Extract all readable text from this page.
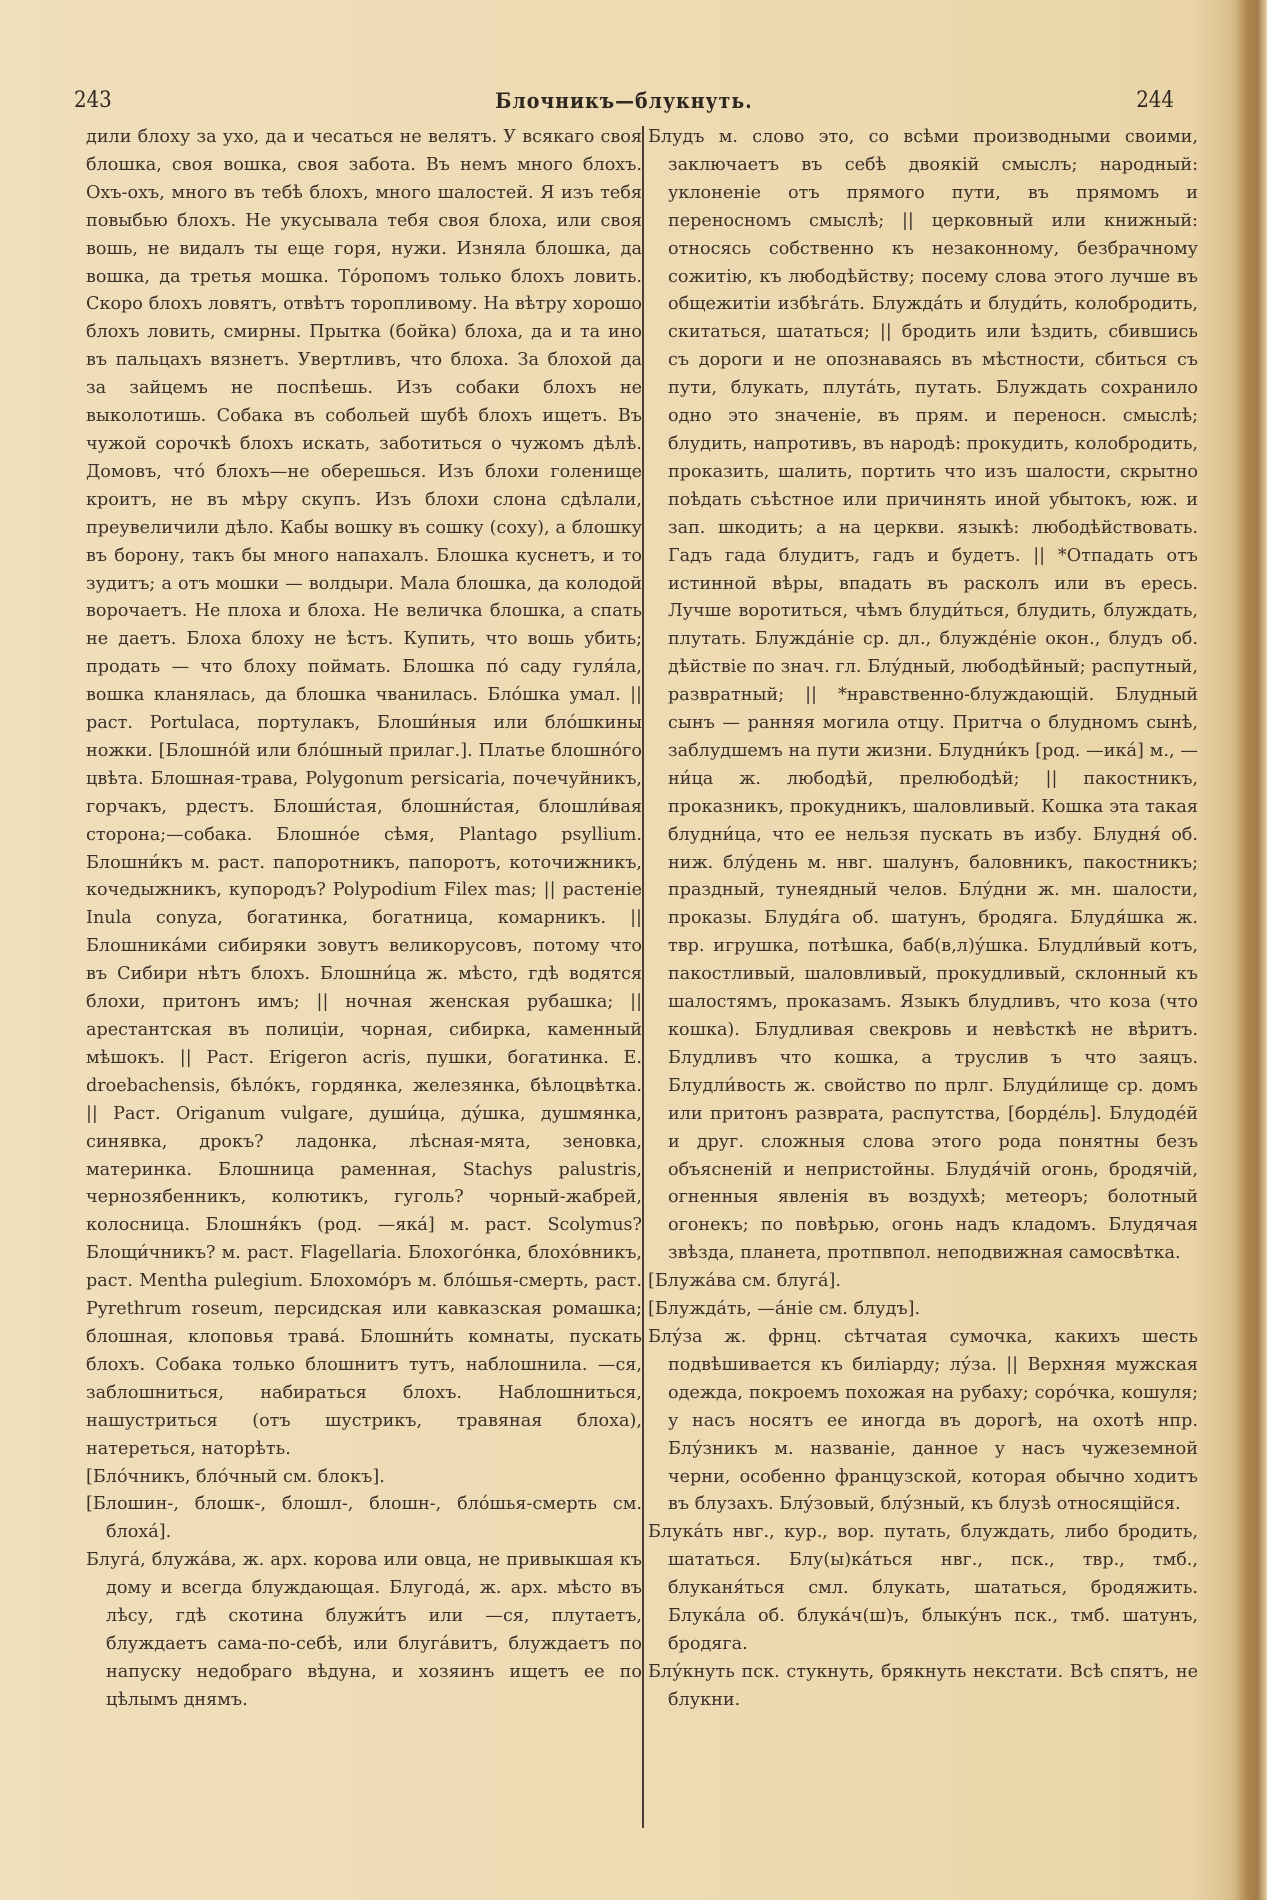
243	Блочникъ—блукнуть.	244

дили блоху за ухо, да и чесаться не велятъ. У всякаго своя блошка, своя вошка, своя забота. Въ немъ много блохъ. Охъ-охъ, много въ тебѣ блохъ, много шалостей. Я изъ тебя повыбью блохъ. Не укусывала тебя своя блоха, или своя вошь, не видалъ ты еще горя, нужи. Изняла блошка, да вошка, да третья мошка. То́ропомъ только блохъ ловить. Скоро блохъ ловятъ, отвѣтъ торопливому. На вѣтру хорошо блохъ ловить, смирны. Прытка (бойка) блоха, да и та ино въ пальцахъ вязнетъ. Увертливъ, что блоха. За блохой да за зайцемъ не поспѣешь. Изъ собаки блохъ не выколотишь. Собака въ собольей шубѣ блохъ ищетъ. Въ чужой сорочкѣ блохъ искать, заботиться о чужомъ дѣлѣ. Домовъ, что́ блохъ—не оберешься. Изъ блохи голенище кроитъ, не въ мѣру скупъ. Изъ блохи слона сдѣлали, преувеличили дѣло. Кабы вошку въ сошку (соху), а блошку въ борону, такъ бы много напахалъ. Блошка куснетъ, и то зудитъ; а отъ мошки — волдыри. Мала блошка, да колодой ворочаетъ. Не плоха и блоха. Не величка блошка, а спать не даетъ. Блоха блоху не ѣстъ. Купить, что вошь убить; продать — что блоху поймать. Блошка по́ саду гуля́ла, вошка кланялась, да блошка чванилась. Бло́шка умал. || раст. Portulaca, портулакъ, Блоши́ныя или бло́шкины ножки. [Блошно́й или бло́шный прилаг.]. Платье блошно́го цвѣта. Блошная-трава, Polygonum persicaria, почечуйникъ, горчакъ, рдестъ. Блоши́стая, блошни́стая, блошли́вая сторона;—собака. Блошно́е сѣмя, Plantago psyllium. Блошни́къ м. раст. папоротникъ, папоротъ, коточижникъ, кочедыжникъ, купородъ? Polypodium Filex mas; || растеніе Inula conyza, богатинка, богатница, комарникъ. || Блошника́ми сибиряки зовутъ великорусовъ, потому что въ Сибири нѣтъ блохъ. Блошни́ца ж. мѣсто, гдѣ водятся блохи, притонъ имъ; || ночная женская рубашка; || арестантская въ полиціи, чорная, сибирка, каменный мѣшокъ. || Раст. Erigeron acris, пушки, богатинка. E. droebachensis, бѣло́къ, гордянка, железянка, бѣлоцвѣтка. || Раст. Origanum vulgare, души́ца, ду́шка, душмянка, синявка, дрокъ? ладонка, лѣсная-мята, зеновка, материнка. Блошница раменная, Stachys palustris, чернозябенникъ, колютикъ, гуголь? чорный-жабрей, колосница. Блошня́къ (род. —яка́] м. раст. Scolymus? Блощи́чникъ? м. раст. Flagellaria. Блохого́нка, блохо́вникъ, раст. Mentha pulegium. Блохомо́ръ м. бло́шья-смерть, раст. Pyrethrum roseum, персидская или кавказская ромашка; блошная, клоповья трава́. Блошни́ть комнаты, пускать блохъ. Собака только блошнитъ тутъ, наблошнила. —ся, заблошниться, набираться блохъ. Наблошниться, нашустриться (отъ шустрикъ, травяная блоха), натереться, наторѣть.

[Бло́чникъ, бло́чный см. блокъ].

[Блошин-, блошк-, блошл-, блошн-, бло́шья-смерть см. блоха́].

Блуга́, блужа́ва, ж. арх. корова или овца, не привыкшая къ дому и всегда блуждающая. Блугода́, ж. арх. мѣсто въ лѣсу, гдѣ скотина блужи́тъ или —ся, плутаетъ, блуждаетъ сама-по-себѣ, или блуга́витъ, блуждаетъ по напуску недобраго вѣдуна, и хозяинъ ищетъ ее по цѣлымъ днямъ.

Блудъ м. слово это, со всѣми производными своими, заключаетъ въ себѣ двоякій смыслъ; народный: уклоненіе отъ прямого пути, въ прямомъ и переносномъ смыслѣ; || церковный или книжный: относясь собственно къ незаконному, безбрачному сожитію, къ любодѣйству; посему слова этого лучше въ общежитіи избѣга́ть. Блужда́ть и блуди́ть, колобродить, скитаться, шататься; || бродить или ѣздить, сбившись съ дороги и не опознаваясь въ мѣстности, сбиться съ пути, блукать, плута́ть, путать. Блуждать сохранило одно это значеніе, въ прям. и переносн. смыслѣ; блудить, напротивъ, въ народѣ: прокудить, колобродить, проказить, шалить, портить что изъ шалости, скрытно поѣдать съѣстное или причинять иной убытокъ, юж. и зап. шкодить; а на церкви. языкѣ: любодѣйствовать. Гадъ гада блудитъ, гадъ и будетъ. || *Отпадать отъ истинной вѣры, впадать въ расколъ или въ ересь. Лучше воротиться, чѣмъ блуди́ться, блудить, блуждать, плутать. Блужда́ніе ср. дл., блужде́ніе окон., блудъ об. дѣйствіе по знач. гл. Блу́дный, любодѣйный; распутный, развратный; || *нравственно-блуждающій. Блудный сынъ — ранняя могила отцу. Притча о блудномъ сынѣ, заблудшемъ на пути жизни. Блудни́къ [род. —ика́] м., —ни́ца ж. любодѣй, прелюбодѣй; || пакостникъ, проказникъ, прокудникъ, шаловливый. Кошка эта такая блудни́ца, что ее нельзя пускать въ избу. Блудня́ об. ниж. блу́день м. нвг. шалунъ, баловникъ, пакостникъ; праздный, тунеядный челов. Блу́дни ж. мн. шалости, проказы. Блудя́га об. шатунъ, бродяга. Блудя́шка ж. твр. игрушка, потѣшка, баб(в,л)у́шка. Блудли́вый котъ, пакостливый, шаловливый, прокудливый, склонный къ шалостямъ, проказамъ. Языкъ блудливъ, что коза (что кошка). Блудливая свекровь и невѣсткѣ не вѣритъ. Блудливъ что кошка, а труслив ъ что заяцъ. Блудли́вость ж. свойство по прлг. Блуди́лище ср. домъ или притонъ разврата, распутства, [борде́ль]. Блудоде́й и друг. сложныя слова этого рода понятны безъ объясненій и непристойны. Блудя́чій огонь, бродячій, огненныя явленія въ воздухѣ; метеоръ; болотный огонекъ; по повѣрью, огонь надъ кладомъ. Блудячая звѣзда, планета, протпвпол. неподвижная самосвѣтка.

[Блужа́ва см. блуга́].

[Блужда́ть, —а́ніе см. блудъ].

Блу́за ж. фрнц. сѣтчатая сумочка, какихъ шесть подвѣшивается къ биліарду; лу́за. || Верхняя мужская одежда, покроемъ похожая на рубаху; соро́чка, кошуля; у насъ носятъ ее иногда въ дорогѣ, на охотѣ нпр. Блу́зникъ м. названіе, данное у насъ чужеземной черни, особенно французской, которая обычно ходитъ въ блузахъ. Блу́зовый, блу́зный, къ блузѣ относящійся.

Блука́ть нвг., кур., вор. путать, блуждать, либо бродить, шататься. Блу(ы)ка́ться нвг., пск., твр., тмб., блуканя́ться смл. блукать, шататься, бродяжить. Блука́ла об. блука́ч(ш)ъ, блыку́нъ пск., тмб. шатунъ, бродяга.

Блу́кнуть пск. стукнуть, брякнуть некстати. Всѣ спятъ, не блукни.
